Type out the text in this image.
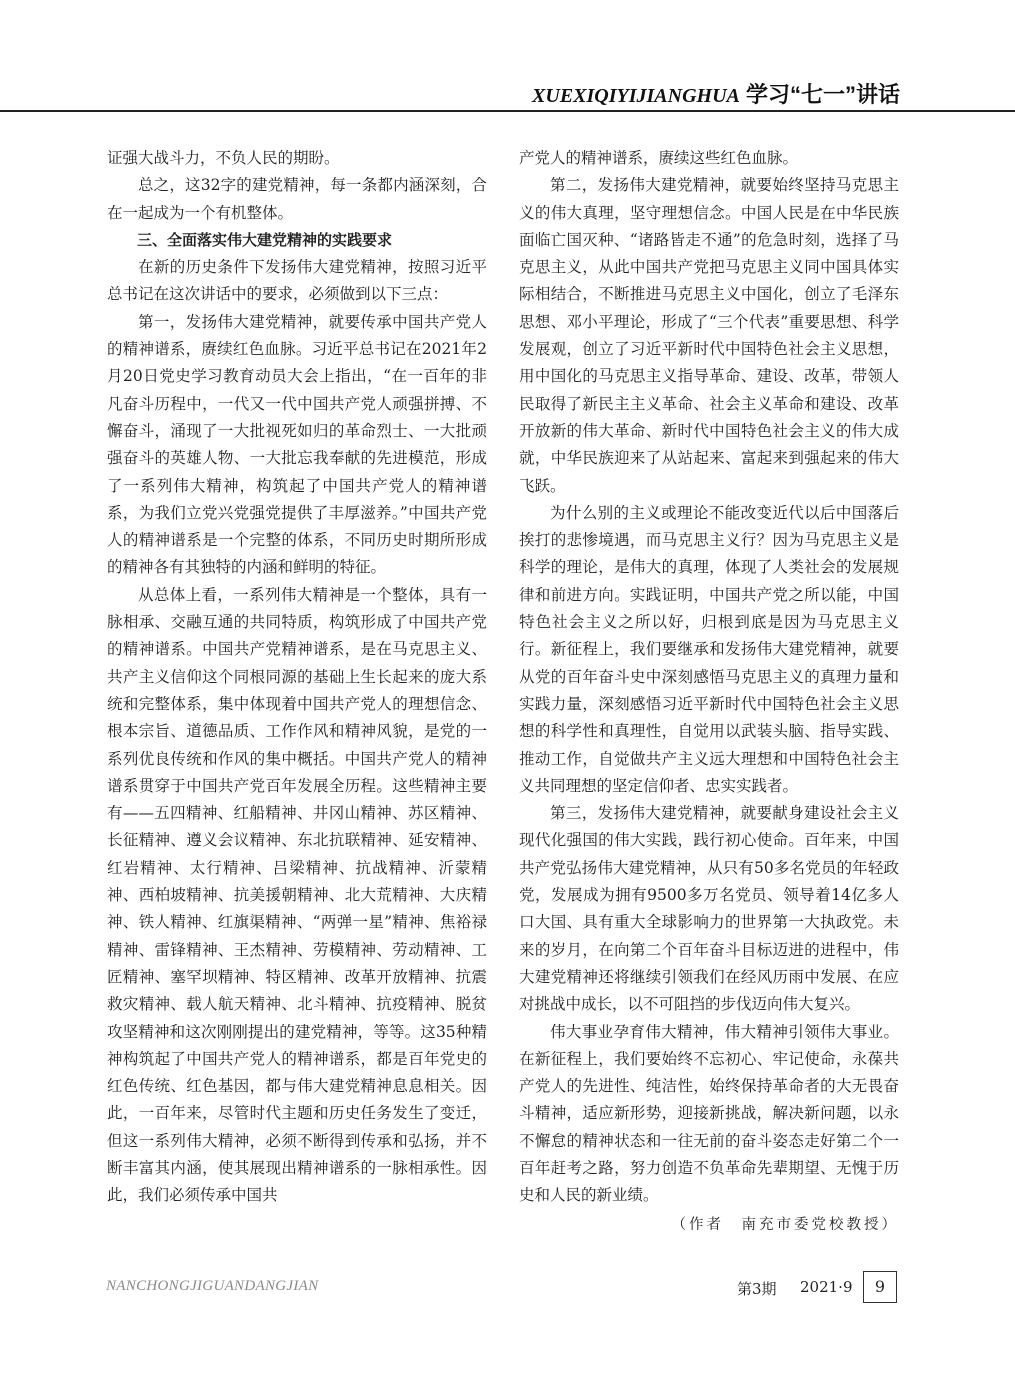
XUEXIQIYIJIANGHUA 学习“七一”讲话

证强大战斗力，不负人民的期盼。

总之，这32字的建党精神，每一条都内涵深刻，合在一起成为一个有机整体。

三、全面落实伟大建党精神的实践要求

在新的历史条件下发扬伟大建党精神，按照习近平总书记在这次讲话中的要求，必须做到以下三点：

第一，发扬伟大建党精神，就要传承中国共产党人的精神谱系，赓续红色血脉。习近平总书记在2021年2月20日党史学习教育动员大会上指出，“在一百年的非凡奋斗历程中，一代又一代中国共产党人顽强拼搏、不懈奋斗，涌现了一大批视死如归的革命烈士、一大批顽强奋斗的英雄人物、一大批忘我奉献的先进模范，形成了一系列伟大精神，构筑起了中国共产党人的精神谱系，为我们立党兴党强党提供了丰厚滋养。”中国共产党人的精神谱系是一个完整的体系，不同历史时期所形成的精神各有其独特的内涵和鲜明的特征。

从总体上看，一系列伟大精神是一个整体，具有一脉相承、交融互通的共同特质，构筑形成了中国共产党的精神谱系。中国共产党精神谱系，是在马克思主义、共产主义信仰这个同根同源的基础上生长起来的庞大系统和完整体系，集中体现着中国共产党人的理想信念、根本宗旨、道德品质、工作作风和精神风貌，是党的一系列优良传统和作风的集中概括。中国共产党人的精神谱系贯穿于中国共产党百年发展全历程。这些精神主要有——五四精神、红船精神、井冈山精神、苏区精神、长征精神、遵义会议精神、东北抗联精神、延安精神、红岩精神、太行精神、吕梁精神、抗战精神、沂蒙精神、西柏坡精神、抗美援朝精神、北大荒精神、大庆精神、铁人精神、红旗渠精神、“两弹一星”精神、焦裕禄精神、雷锋精神、王杰精神、劳模精神、劳动精神、工匠精神、塞罕坝精神、特区精神、改革开放精神、抗震救灾精神、载人航天精神、北斗精神、抗疫精神、脱贫攻坚精神和这次刚刚提出的建党精神，等等。这35种精神构筑起了中国共产党人的精神谱系，都是百年党史的红色传统、红色基因，都与伟大建党精神息息相关。因此，一百年来，尽管时代主题和历史任务发生了变迁，但这一系列伟大精神，必须不断得到传承和弘扬，并不断丰富其内涵，使其展现出精神谱系的一脉相承性。因此，我们必须传承中国共

产党人的精神谱系，赓续这些红色血脉。

第二，发扬伟大建党精神，就要始终坚持马克思主义的伟大真理，坚守理想信念。中国人民是在中华民族面临亡国灭种、“诸路皆走不通”的危急时刻，选择了马克思主义，从此中国共产党把马克思主义同中国具体实际相结合，不断推进马克思主义中国化，创立了毛泽东思想、邓小平理论，形成了“三个代表”重要思想、科学发展观，创立了习近平新时代中国特色社会主义思想，用中国化的马克思主义指导革命、建设、改革，带领人民取得了新民主主义革命、社会主义革命和建设、改革开放新的伟大革命、新时代中国特色社会主义的伟大成就，中华民族迎来了从站起来、富起来到强起来的伟大飞跃。

为什么别的主义或理论不能改变近代以后中国落后挨打的悲惨境遇，而马克思主义行？因为马克思主义是科学的理论，是伟大的真理，体现了人类社会的发展规律和前进方向。实践证明，中国共产党之所以能，中国特色社会主义之所以好，归根到底是因为马克思主义行。新征程上，我们要继承和发扬伟大建党精神，就要从党的百年奋斗史中深刻感悟马克思主义的真理力量和实践力量，深刻感悟习近平新时代中国特色社会主义思想的科学性和真理性，自觉用以武装头脑、指导实践、推动工作，自觉做共产主义远大理想和中国特色社会主义共同理想的坚定信仰者、忠实实践者。

第三，发扬伟大建党精神，就要献身建设社会主义现代化强国的伟大实践，践行初心使命。百年来，中国共产党弘扬伟大建党精神，从只有50多名党员的年轻政党，发展成为拥有9500多万名党员、领导着14亿多人口大国、具有重大全球影响力的世界第一大执政党。未来的岁月，在向第二个百年奋斗目标迈进的进程中，伟大建党精神还将继续引领我们在经风历雨中发展、在应对挑战中成长，以不可阻挡的步伐迈向伟大复兴。

伟大事业孕育伟大精神，伟大精神引领伟大事业。在新征程上，我们要始终不忘初心、牢记使命，永葆共产党人的先进性、纯洁性，始终保持革命者的大无畏奋斗精神，适应新形势，迎接新挑战，解决新问题，以永不懈怠的精神状态和一往无前的奋斗姿态走好第二个一百年赶考之路，努力创造不负革命先辈期望、无愧于历史和人民的新业绩。

（作者　南充市委党校教授）

NANCHONGJIGUANDANGJIAN	第3期 2021·9	9
